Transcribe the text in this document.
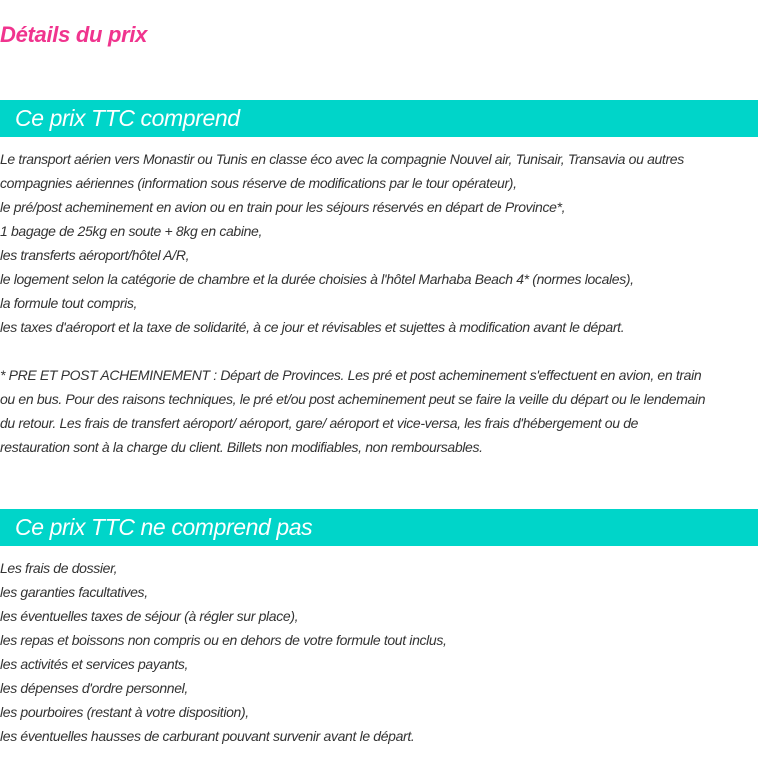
Détails du prix
Ce prix TTC comprend
Le transport aérien vers Monastir ou Tunis en classe éco avec la compagnie Nouvel air, Tunisair, Transavia ou autres
compagnies aériennes (information sous réserve de modifications par le tour opérateur),
le pré/post acheminement en avion ou en train pour les séjours réservés en départ de Province*,
1 bagage de 25kg en soute + 8kg en cabine,
les transferts aéroport/hôtel A/R,
le logement selon la catégorie de chambre et la durée choisies à l'hôtel Marhaba Beach 4* (normes locales),
la formule tout compris,
les taxes d'aéroport et la taxe de solidarité, à ce jour et révisables et sujettes à modification avant le départ.

* PRE ET POST ACHEMINEMENT : Départ de Provinces. Les pré et post acheminement s'effectuent en avion, en train

ou en bus. Pour des raisons techniques, le pré et/ou post acheminement peut se faire la veille du départ ou le lendemain

du retour. Les frais de transfert aéroport/ aéroport, gare/ aéroport et vice-versa, les frais d'hébergement ou de

restauration sont à la charge du client. Billets non modifiables, non remboursables.

Ce prix TTC ne comprend pas
Les frais de dossier,
les garanties facultatives,
les éventuelles taxes de séjour (à régler sur place),
les repas et boissons non compris ou en dehors de votre formule tout inclus,
les activités et services payants,
les dépenses d'ordre personnel,
les pourboires (restant à votre disposition),
les éventuelles hausses de carburant pouvant survenir avant le départ.
